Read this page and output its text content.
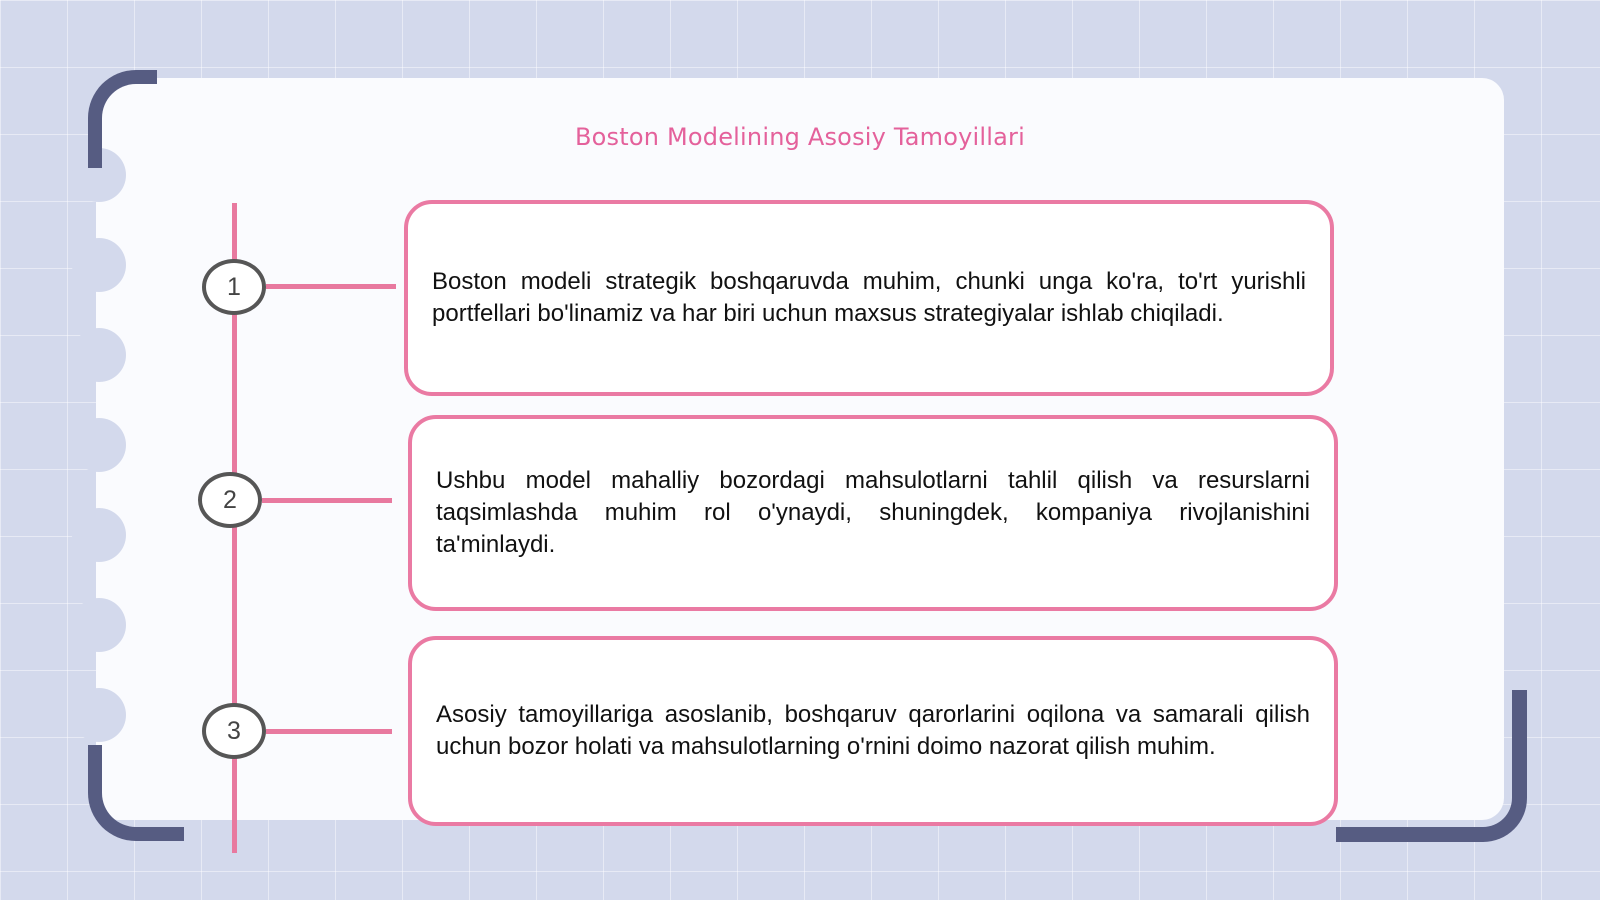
Boston Modelining Asosiy Tamoyillari
1
2
3

Boston modeli strategik boshqaruvda muhim, chunki unga ko'ra, to'rt yurishli portfellari bo'linamiz va har biri uchun maxsus strategiyalar ishlab chiqiladi.

Ushbu model mahalliy bozordagi mahsulotlarni tahlil qilish va resurslarni taqsimlashda muhim rol o'ynaydi, shuningdek, kompaniya rivojlanishini ta'minlaydi.

Asosiy tamoyillariga asoslanib, boshqaruv qarorlarini oqilona va samarali qilish uchun bozor holati va mahsulotlarning o'rnini doimo nazorat qilish muhim.
